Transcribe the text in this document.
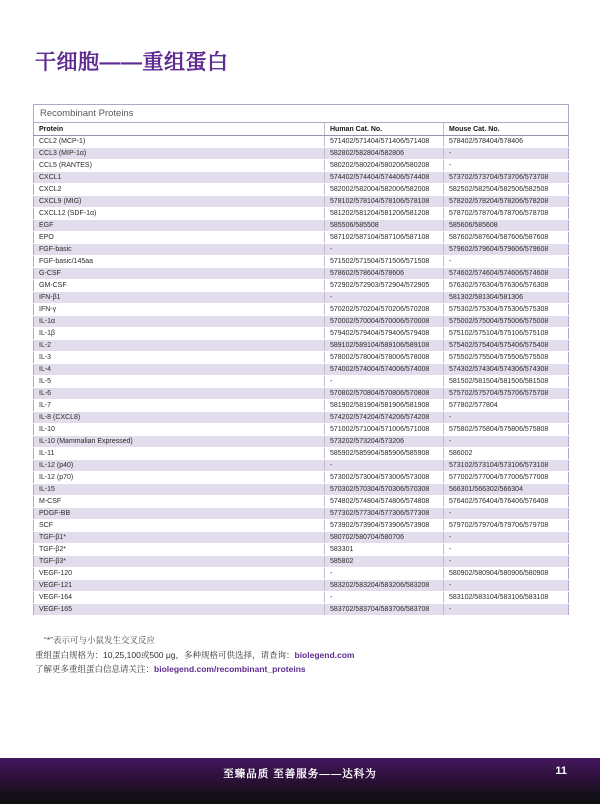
干细胞——重组蛋白
Recombinant Proteins		
Protein	Human Cat. No.	Mouse Cat. No.
CCL2 (MCP-1)	571402/571404/571406/571408	578402/578404/578406
CCL3 (MIP-1α)	582802/582804/582806	-
CCL5 (RANTES)	580202/580204/580206/580208	-
CXCL1	574402/574404/574406/574408	573702/573704/573706/573708
CXCL2	582002/582004/582006/582008	582502/582504/582506/582508
CXCL9 (MIG)	578102/578104/578106/578108	578202/578204/578206/578208
CXCL12 (SDF-1α)	581202/581204/581206/581208	578702/578704/578706/578708
EGF	585506/585508	585606/585608
EPO	587102/587104/587106/587108	587602/587604/587606/587608
FGF-basic	-	579602/579604/579606/579608
FGF-basic/145aa	571502/571504/571506/571508	-
G-CSF	578602/578604/578606	574602/574604/574606/574608
GM-CSF	572902/572903/572904/572905	576302/576304/576306/576308
IFN-β1	-	581302/581304/581306
IFN-γ	570202/570204/570206/570208	575302/575304/575306/575308
IL-1α	570002/570004/570006/570008	575002/575004/575006/575008
IL-1β	579402/579404/579406/579408	575102/575104/575106/575108
IL-2	589102/589104/589106/589108	575402/575404/575406/575408
IL-3	578002/578004/578006/578008	575502/575504/575506/575508
IL-4	574002/574004/574006/574008	574302/574304/574306/574308
IL-5	-	581502/581504/581506/581508
IL-6	570802/570804/570806/570808	575702/575704/575706/575708
IL-7	581902/581904/581906/581908	577802/577804
IL-8 (CXCL8)	574202/574204/574206/574208	-
IL-10	571002/571004/571006/571008	575802/575804/575806/575808
IL-10 (Mammalian Expressed)	573202/573204/573206	-
IL-11	585902/585904/585906/585908	586002
IL-12 (p40)	-	573102/573104/573106/573108
IL-12 (p70)	573002/573004/573006/573008	577002/577004/577006/577008
IL-15	570302/570304/570306/570308	566301/566302/566304
M-CSF	574802/574804/574806/574808	576402/576404/576406/576408
PDGF-BB	577302/577304/577306/577308	-
SCF	573902/573904/573906/573908	579702/579704/579706/579708
TGF-β1*	580702/580704/580706	-
TGF-β2*	583301	-
TGF-β3*	585802	-
VEGF-120	-	580902/580904/580906/580908
VEGF-121	583202/583204/583206/583208	-
VEGF-164	-	583102/583104/583106/583108
VEGF-165	583702/583704/583706/583708	-
“*”表示可与小鼠发生交叉反应
重组蛋白规格为：10,25,100或500 μg，多种规格可供选择，请查询：biolegend.com
了解更多重组蛋白信息请关注：biolegend.com/recombinant_proteins
至臻品质 至善服务——达科为	11
